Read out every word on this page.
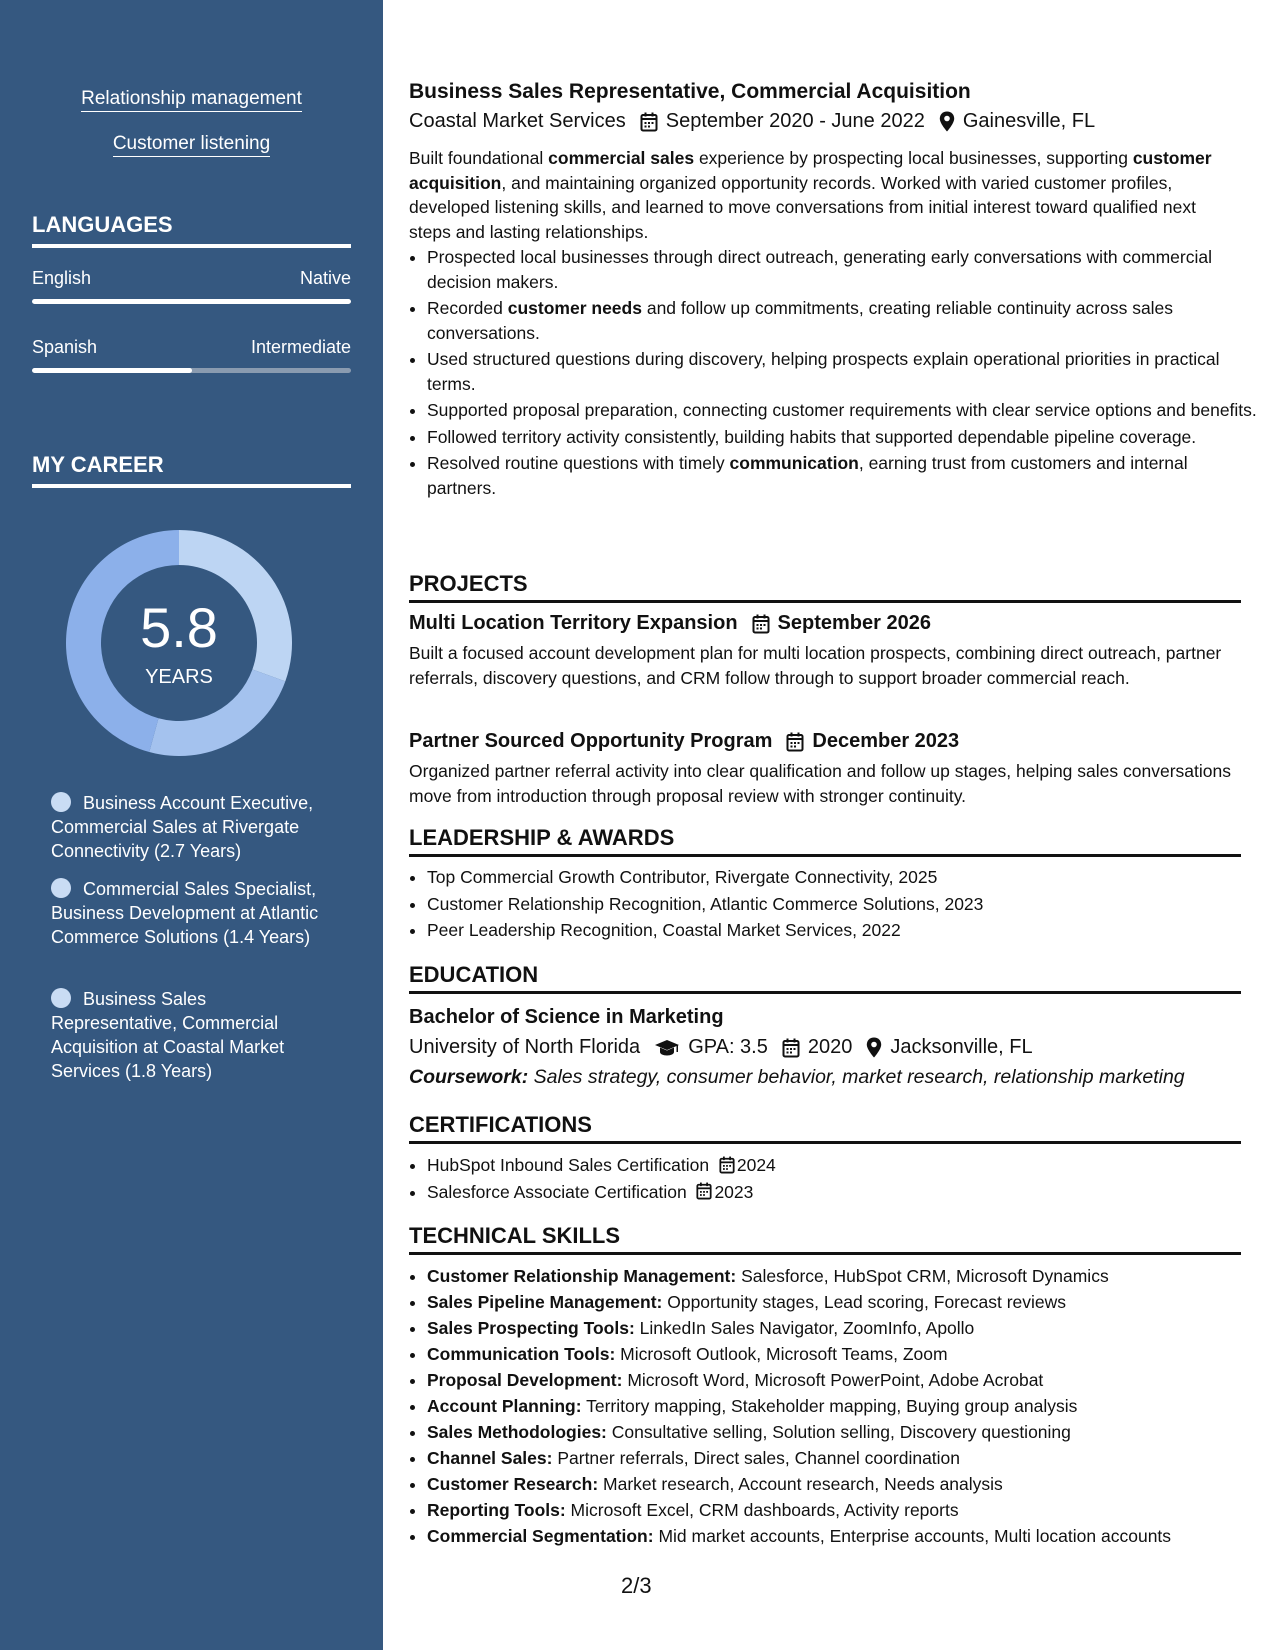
Relationship management
Customer listening
LANGUAGES
English	Native
Spanish	Intermediate
MY CAREER
5.8
YEARS
Business Account Executive, Commercial Sales at Rivergate Connectivity (2.7 Years)
Commercial Sales Specialist, Business Development at Atlantic Commerce Solutions (1.4 Years)
Business Sales Representative, Commercial Acquisition at Coastal Market Services (1.8 Years)
Business Sales Representative, Commercial Acquisition
Coastal Market Services September 2020 - June 2022 Gainesville, FL
Built foundational commercial sales experience by prospecting local businesses, supporting customer acquisition, and maintaining organized opportunity records. Worked with varied customer profiles, developed listening skills, and learned to move conversations from initial interest toward qualified next steps and lasting relationships.
• Prospected local businesses through direct outreach, generating early conversations with commercial decision makers.
• Recorded customer needs and follow up commitments, creating reliable continuity across sales conversations.
• Used structured questions during discovery, helping prospects explain operational priorities in practical terms.
• Supported proposal preparation, connecting customer requirements with clear service options and benefits.
• Followed territory activity consistently, building habits that supported dependable pipeline coverage.
• Resolved routine questions with timely communication, earning trust from customers and internal partners.
PROJECTS
Multi Location Territory Expansion September 2026
Built a focused account development plan for multi location prospects, combining direct outreach, partner referrals, discovery questions, and CRM follow through to support broader commercial reach.
Partner Sourced Opportunity Program December 2023
Organized partner referral activity into clear qualification and follow up stages, helping sales conversations move from introduction through proposal review with stronger continuity.
LEADERSHIP & AWARDS
• Top Commercial Growth Contributor, Rivergate Connectivity, 2025
• Customer Relationship Recognition, Atlantic Commerce Solutions, 2023
• Peer Leadership Recognition, Coastal Market Services, 2022
EDUCATION
Bachelor of Science in Marketing
University of North Florida GPA: 3.5 2020 Jacksonville, FL
Coursework: Sales strategy, consumer behavior, market research, relationship marketing
CERTIFICATIONS
• HubSpot Inbound Sales Certification 2024
• Salesforce Associate Certification 2023
TECHNICAL SKILLS
• Customer Relationship Management: Salesforce, HubSpot CRM, Microsoft Dynamics
• Sales Pipeline Management: Opportunity stages, Lead scoring, Forecast reviews
• Sales Prospecting Tools: LinkedIn Sales Navigator, ZoomInfo, Apollo
• Communication Tools: Microsoft Outlook, Microsoft Teams, Zoom
• Proposal Development: Microsoft Word, Microsoft PowerPoint, Adobe Acrobat
• Account Planning: Territory mapping, Stakeholder mapping, Buying group analysis
• Sales Methodologies: Consultative selling, Solution selling, Discovery questioning
• Channel Sales: Partner referrals, Direct sales, Channel coordination
• Customer Research: Market research, Account research, Needs analysis
• Reporting Tools: Microsoft Excel, CRM dashboards, Activity reports
• Commercial Segmentation: Mid market accounts, Enterprise accounts, Multi location accounts
2/3
